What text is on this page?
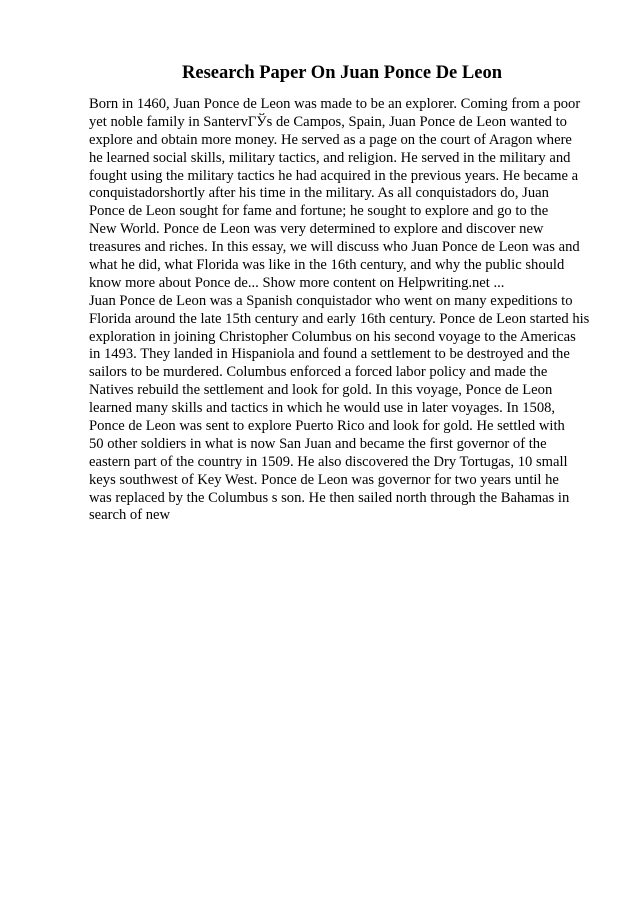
Research Paper On Juan Ponce De Leon
Born in 1460, Juan Ponce de Leon was made to be an explorer. Coming from a poor
yet noble family in SantervГЎs de Campos, Spain, Juan Ponce de Leon wanted to
explore and obtain more money. He served as a page on the court of Aragon where
he learned social skills, military tactics, and religion. He served in the military and
fought using the military tactics he had acquired in the previous years. He became a
conquistadorshortly after his time in the military. As all conquistadors do, Juan
Ponce de Leon sought for fame and fortune; he sought to explore and go to the
New World. Ponce de Leon was very determined to explore and discover new
treasures and riches. In this essay, we will discuss who Juan Ponce de Leon was and
what he did, what Florida was like in the 16th century, and why the public should
know more about Ponce de... Show more content on Helpwriting.net ...
Juan Ponce de Leon was a Spanish conquistador who went on many expeditions to
Florida around the late 15th century and early 16th century. Ponce de Leon started his
exploration in joining Christopher Columbus on his second voyage to the Americas
in 1493. They landed in Hispaniola and found a settlement to be destroyed and the
sailors to be murdered. Columbus enforced a forced labor policy and made the
Natives rebuild the settlement and look for gold. In this voyage, Ponce de Leon
learned many skills and tactics in which he would use in later voyages. In 1508,
Ponce de Leon was sent to explore Puerto Rico and look for gold. He settled with
50 other soldiers in what is now San Juan and became the first governor of the
eastern part of the country in 1509. He also discovered the Dry Tortugas, 10 small
keys southwest of Key West. Ponce de Leon was governor for two years until he
was replaced by the Columbus s son. He then sailed north through the Bahamas in
search of new
